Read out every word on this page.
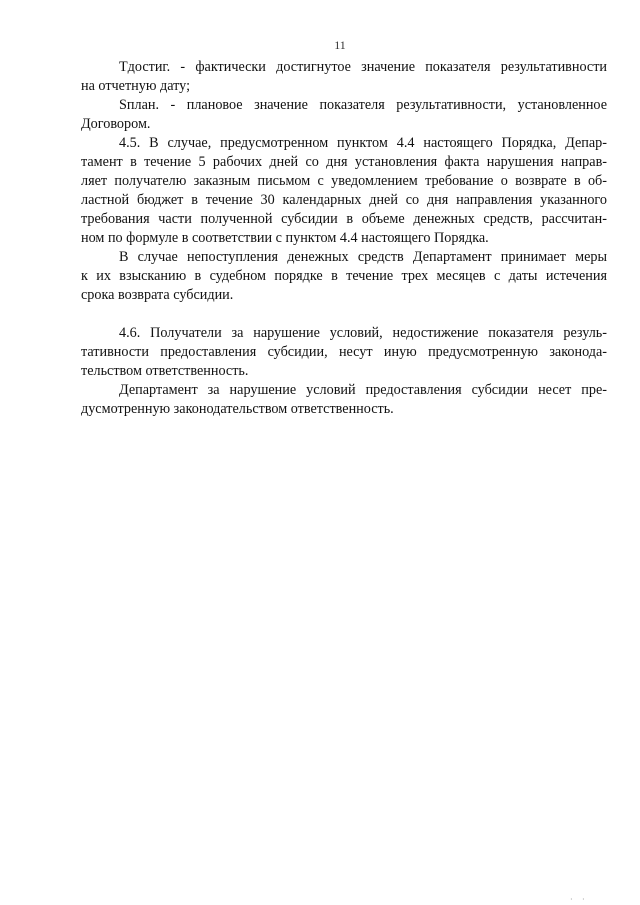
11
Тдостиг. - фактически достигнутое значение показателя результативности
на отчетную дату;
Sплан. - плановое значение показателя результативности, установленное
Договором.
4.5. В случае, предусмотренном пунктом 4.4 настоящего Порядка, Депар-
тамент в течение 5 рабочих дней со дня установления факта нарушения направ-
ляет получателю заказным письмом с уведомлением требование о возврате в об-
ластной бюджет в течение 30 календарных дней со дня направления указанного
требования части полученной субсидии в объеме денежных средств, рассчитан-
ном по формуле в соответствии с пунктом 4.4 настоящего Порядка.
В случае непоступления денежных средств Департамент принимает меры
к их взысканию в судебном порядке в течение трех месяцев с даты истечения
срока возврата субсидии.
4.6. Получатели за нарушение условий, недостижение показателя резуль-
тативности предоставления субсидии, несут иную предусмотренную законода-
тельством ответственность.
Департамент за нарушение условий предоставления субсидии несет пре-
дусмотренную законодательством ответственность.
· ·
